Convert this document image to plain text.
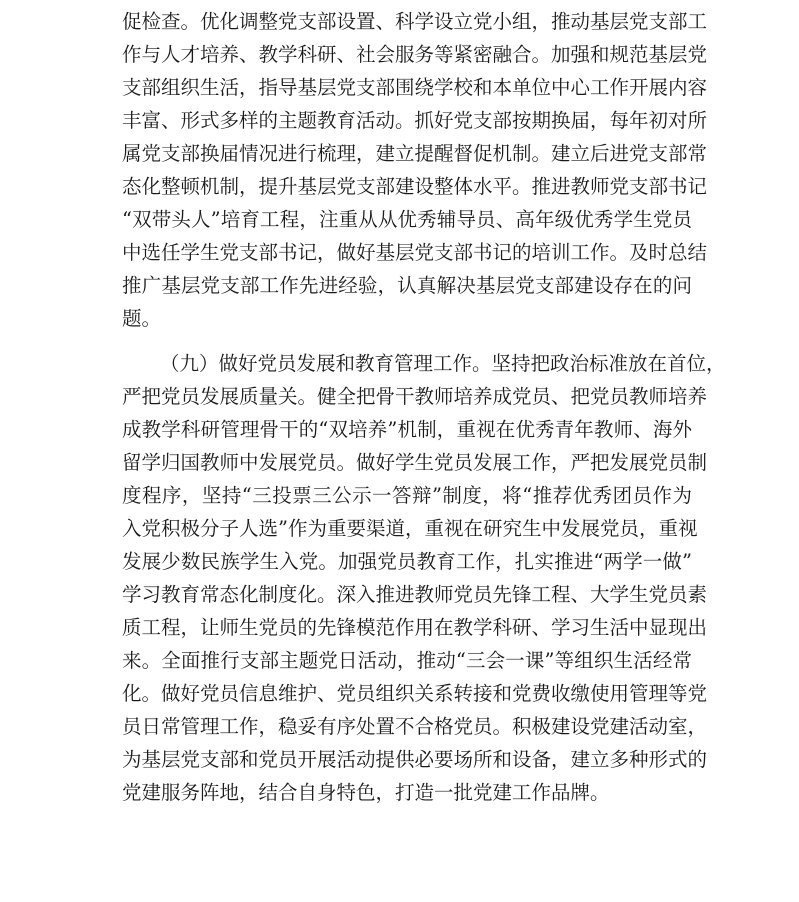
促检查。优化调整党支部设置、科学设立党小组，推动基层党支部工

作与人才培养、教学科研、社会服务等紧密融合。加强和规范基层党

支部组织生活，指导基层党支部围绕学校和本单位中心工作开展内容

丰富、形式多样的主题教育活动。抓好党支部按期换届，每年初对所

属党支部换届情况进行梳理，建立提醒督促机制。建立后进党支部常

态化整顿机制，提升基层党支部建设整体水平。推进教师党支部书记

“双带头人”培育工程，注重从从优秀辅导员、高年级优秀学生党员

中选任学生党支部书记，做好基层党支部书记的培训工作。及时总结

推广基层党支部工作先进经验，认真解决基层党支部建设存在的问

题。

（九）做好党员发展和教育管理工作。坚持把政治标准放在首位，

严把党员发展质量关。健全把骨干教师培养成党员、把党员教师培养

成教学科研管理骨干的“双培养”机制，重视在优秀青年教师、海外

留学归国教师中发展党员。做好学生党员发展工作，严把发展党员制

度程序，坚持“三投票三公示一答辩”制度，将“推荐优秀团员作为

入党积极分子人选”作为重要渠道，重视在研究生中发展党员，重视

发展少数民族学生入党。加强党员教育工作，扎实推进“两学一做”

学习教育常态化制度化。深入推进教师党员先锋工程、大学生党员素

质工程，让师生党员的先锋模范作用在教学科研、学习生活中显现出

来。全面推行支部主题党日活动，推动“三会一课”等组织生活经常

化。做好党员信息维护、党员组织关系转接和党费收缴使用管理等党

员日常管理工作，稳妥有序处置不合格党员。积极建设党建活动室，

为基层党支部和党员开展活动提供必要场所和设备，建立多种形式的

党建服务阵地，结合自身特色，打造一批党建工作品牌。
